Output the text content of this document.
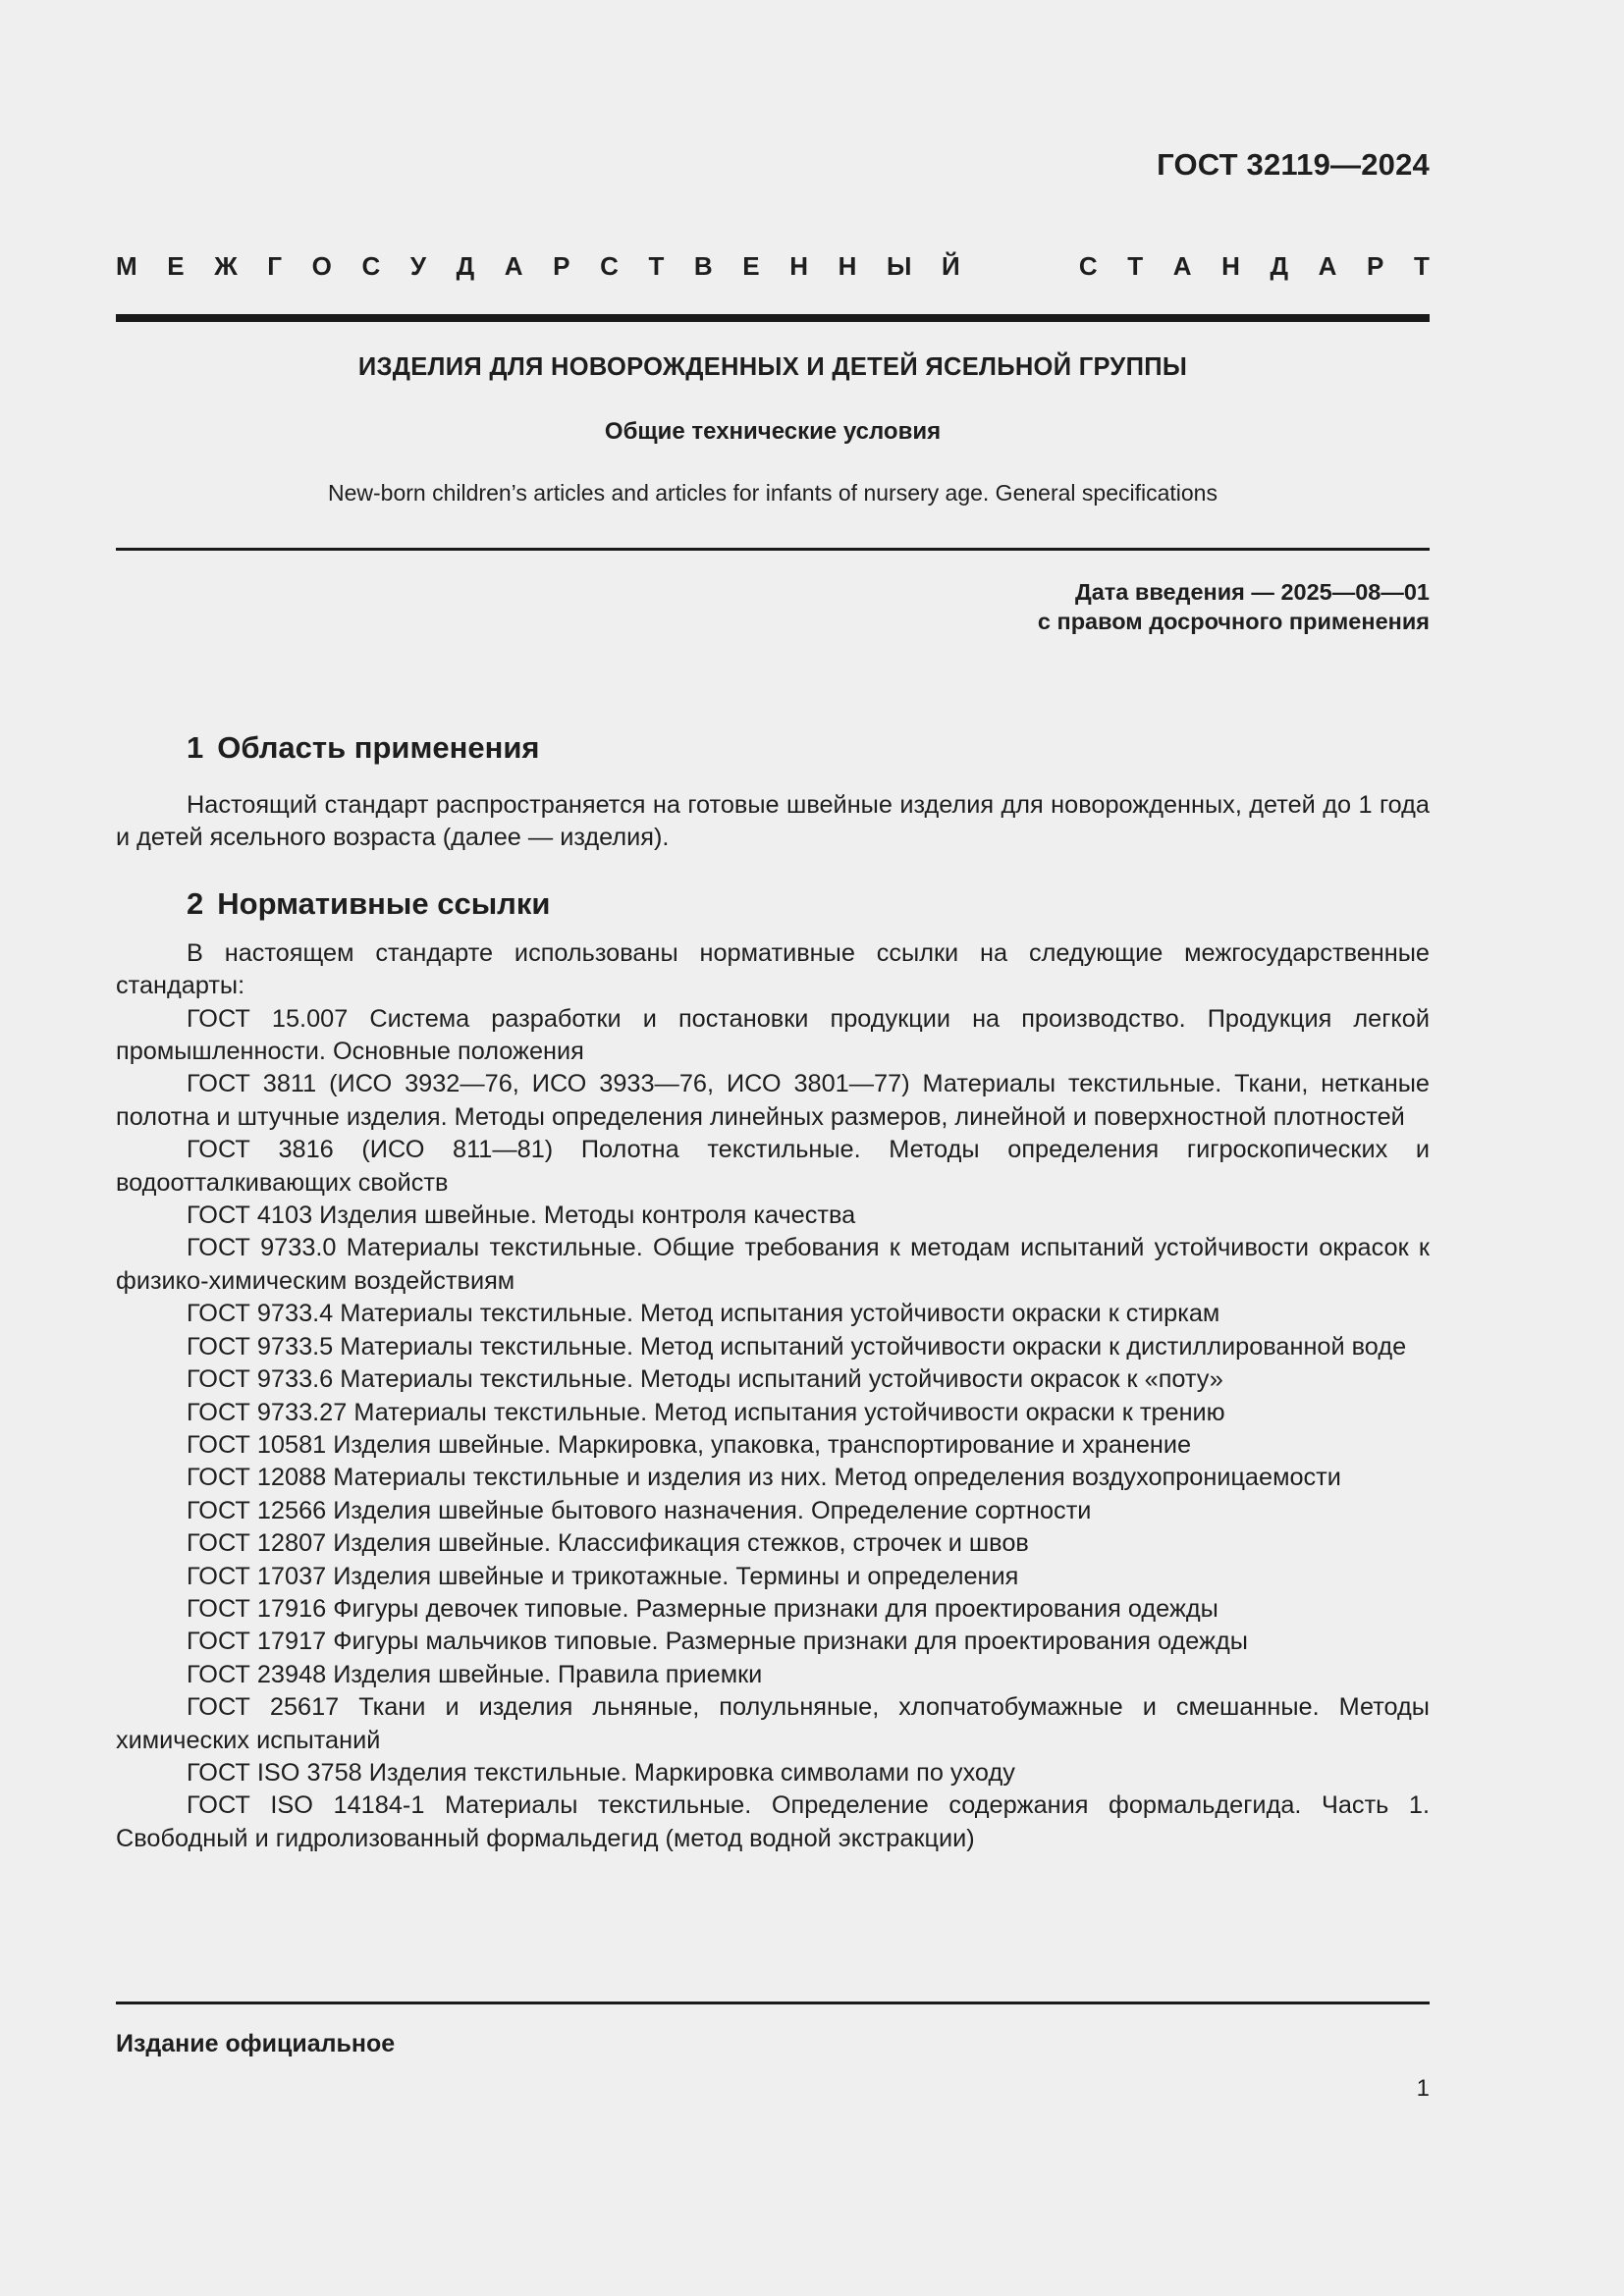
ГОСТ 32119—2024
М Е Ж Г О С У Д А Р С Т В Е Н Н Ы Й	С Т А Н Д А Р Т
ИЗДЕЛИЯ ДЛЯ НОВОРОЖДЕННЫХ И ДЕТЕЙ ЯСЕЛЬНОЙ ГРУППЫ
Общие технические условия
New-born children’s articles and articles for infants of nursery age. General specifications
Дата введения — 2025—08—01
с правом досрочного применения
1 Область применения

Настоящий стандарт распространяется на готовые швейные изделия для новорожденных, детей до 1 года и детей ясельного возраста (далее — изделия).

2 Нормативные ссылки

В настоящем стандарте использованы нормативные ссылки на следующие межгосударственные стандарты:

ГОСТ 15.007 Система разработки и постановки продукции на производство. Продукция легкой промышленности. Основные положения

ГОСТ 3811 (ИСО 3932—76, ИСО 3933—76, ИСО 3801—77) Материалы текстильные. Ткани, нетканые полотна и штучные изделия. Методы определения линейных размеров, линейной и поверхностной плотностей

ГОСТ 3816 (ИСО 811—81) Полотна текстильные. Методы определения гигроскопических и водоотталкивающих свойств

ГОСТ 4103 Изделия швейные. Методы контроля качества

ГОСТ 9733.0 Материалы текстильные. Общие требования к методам испытаний устойчивости окрасок к физико-химическим воздействиям

ГОСТ 9733.4 Материалы текстильные. Метод испытания устойчивости окраски к стиркам

ГОСТ 9733.5 Материалы текстильные. Метод испытаний устойчивости окраски к дистиллированной воде

ГОСТ 9733.6 Материалы текстильные. Методы испытаний устойчивости окрасок к «поту»

ГОСТ 9733.27 Материалы текстильные. Метод испытания устойчивости окраски к трению

ГОСТ 10581 Изделия швейные. Маркировка, упаковка, транспортирование и хранение

ГОСТ 12088 Материалы текстильные и изделия из них. Метод определения воздухопроницаемости

ГОСТ 12566 Изделия швейные бытового назначения. Определение сортности

ГОСТ 12807 Изделия швейные. Классификация стежков, строчек и швов

ГОСТ 17037 Изделия швейные и трикотажные. Термины и определения

ГОСТ 17916 Фигуры девочек типовые. Размерные признаки для проектирования одежды

ГОСТ 17917 Фигуры мальчиков типовые. Размерные признаки для проектирования одежды

ГОСТ 23948 Изделия швейные. Правила приемки

ГОСТ 25617 Ткани и изделия льняные, полульняные, хлопчатобумажные и смешанные. Методы химических испытаний

ГОСТ ISO 3758 Изделия текстильные. Маркировка символами по уходу

ГОСТ ISO 14184-1 Материалы текстильные. Определение содержания формальдегида. Часть 1. Свободный и гидролизованный формальдегид (метод водной экстракции)

Издание официальное
1
